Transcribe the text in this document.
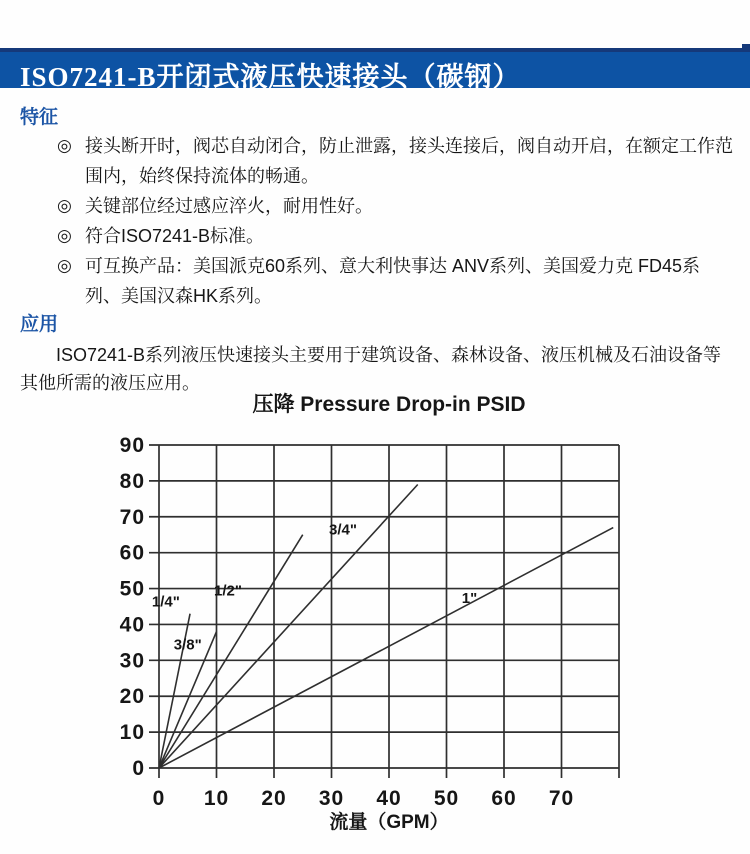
ISO7241-B开闭式液压快速接头（碳钢）
特征
◎ 接头断开时，阀芯自动闭合，防止泄露，接头连接后，阀自动开启，在额定工作范围内，始终保持流体的畅通。
◎ 关键部位经过感应淬火，耐用性好。
◎ 符合ISO7241-B标准。
◎ 可互换产品：美国派克60系列、意大利快事达 ANV系列、美国爱力克 FD45系列、美国汉森HK系列。
应用

ISO7241-B系列液压快速接头主要用于建筑设备、森林设备、液压机械及石油设备等其他所需的液压应用。

0
10
20
30
40
50
60
70
80
90
0 10 20 30 40 50 60 70
1/4"
3/8"
1/2"
3/4"
1"
压降 Pressure Drop-in PSID
流量（GPM）
